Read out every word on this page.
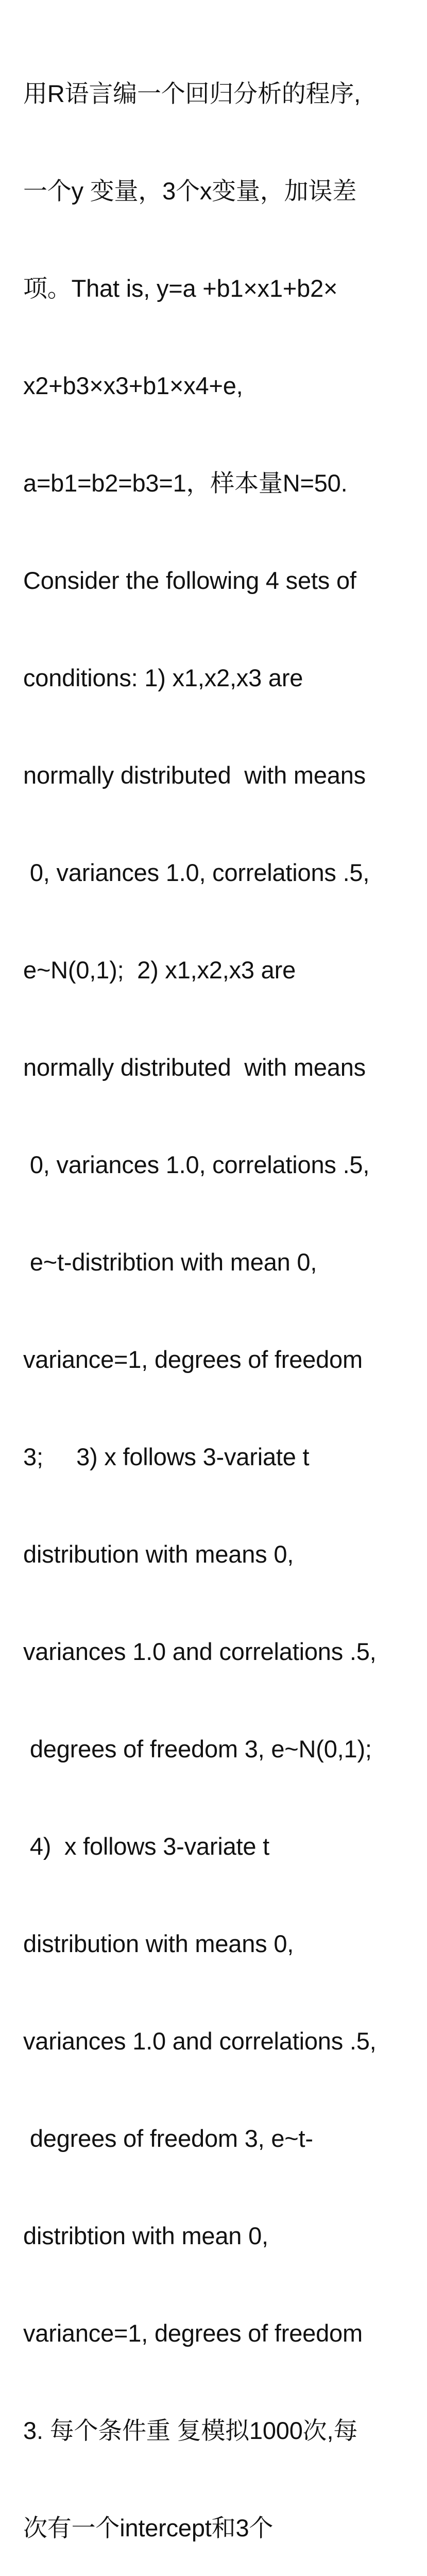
用R语言编一个回归分析的程序,

一个y 变量，3个x变量，加误差

项。That is, y=a +b1×x1+b2×

x2+b3×x3+b1×x4+e,

a=b1=b2=b3=1，样本量N=50.

Consider the following 4 sets of

conditions: 1) x1,x2,x3 are

normally distributed  with means

0, variances 1.0, correlations .5,

e~N(0,1);  2) x1,x2,x3 are

normally distributed  with means

0, variances 1.0, correlations .5,

e~t-distribtion with mean 0,

variance=1, degrees of freedom

3;     3) x follows 3-variate t

distribution with means 0,

variances 1.0 and correlations .5,

degrees of freedom 3, e~N(0,1);

4)  x follows 3-variate t

distribution with means 0,

variances 1.0 and correlations .5,

degrees of freedom 3, e~t-

distribtion with mean 0,

variance=1, degrees of freedom

3. 每个条件重 复模拟1000次,每

次有一个intercept和3个
